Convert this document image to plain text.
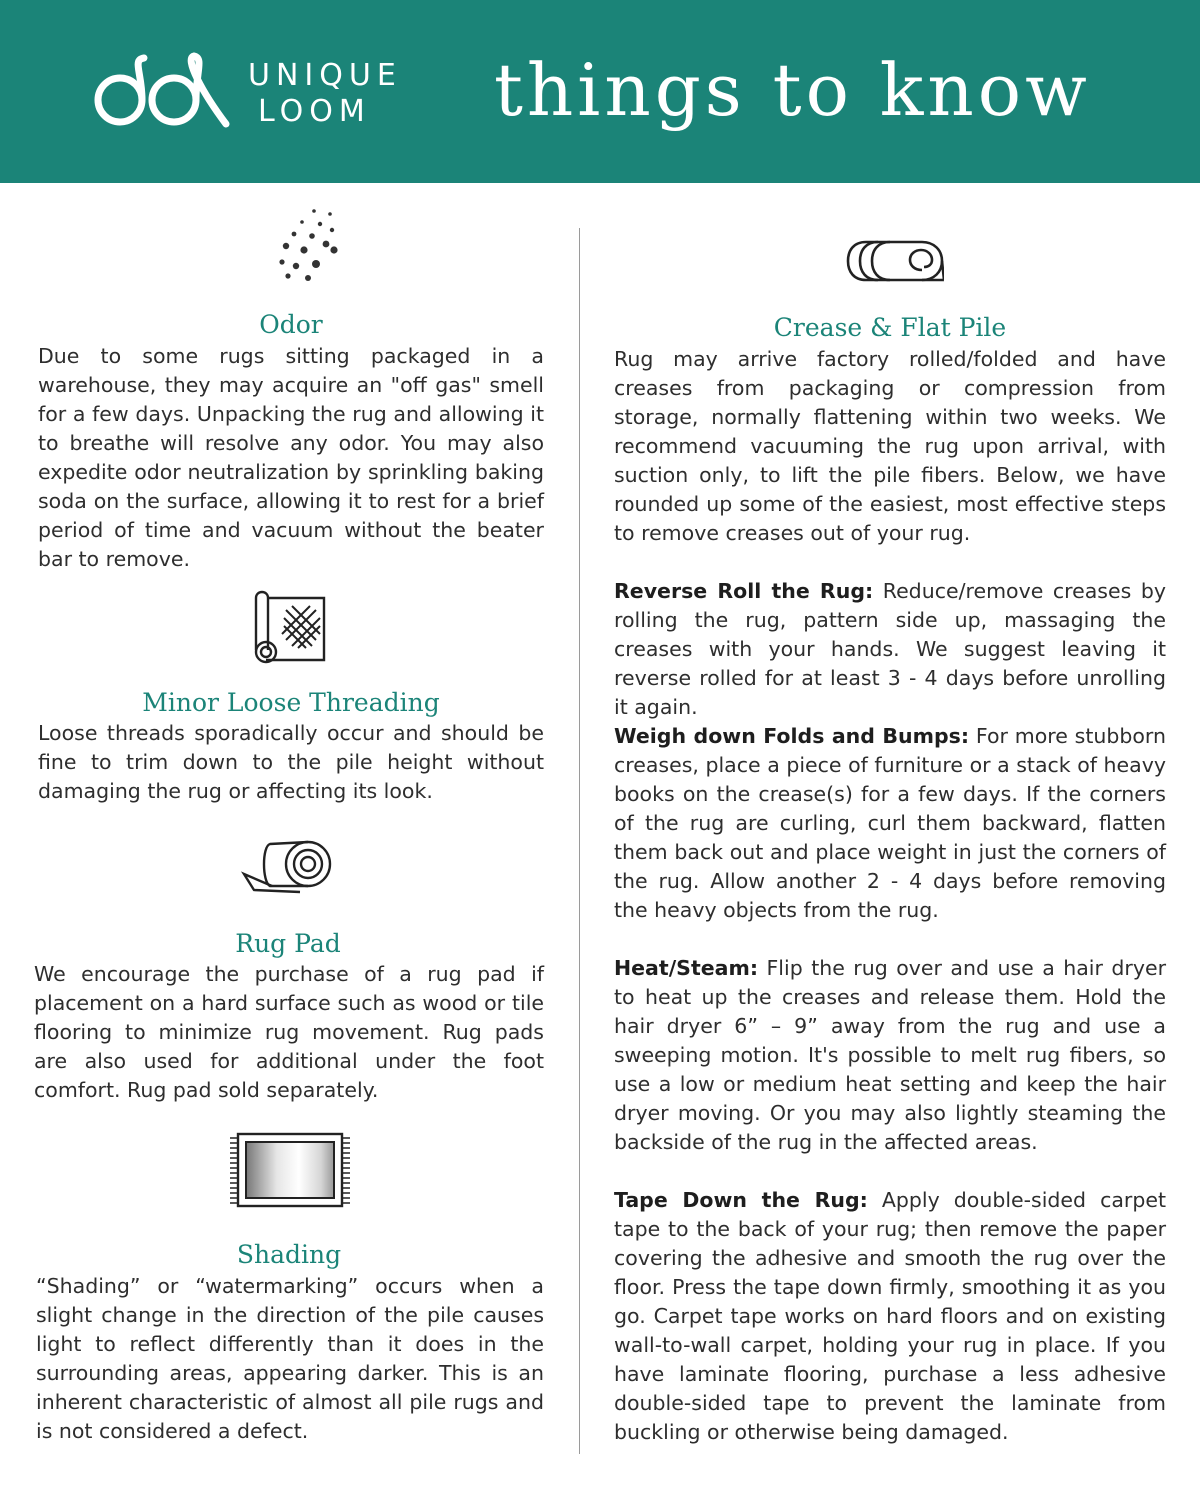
UNIQUE
LOOM	things to know
Odor

Due to some rugs sitting packaged in a warehouse, they may acquire an "off gas" smell for a few days. Unpacking the rug and allowing it to breathe will resolve any odor. You may also expedite odor neutralization by sprinkling baking soda on the surface, allowing it to rest for a brief period of time and vacuum without the beater bar to remove.

Minor Loose Threading

Loose threads sporadically occur and should be fine to trim down to the pile height without damaging the rug or affecting its look.

Rug Pad

We encourage the purchase of a rug pad if placement on a hard surface such as wood or tile flooring to minimize rug movement. Rug pads are also used for additional under the foot comfort. Rug pad sold separately.

Shading

“Shading” or “watermarking” occurs when a slight change in the direction of the pile causes light to reflect differently than it does in the surrounding areas, appearing darker. This is an inherent characteristic of almost all pile rugs and is not considered a defect.

Crease & Flat Pile

Rug may arrive factory rolled/folded and have creases from packaging or compression from storage, normally flattening within two weeks. We recommend vacuuming the rug upon arrival, with suction only, to lift the pile fibers. Below, we have rounded up some of the easiest, most effective steps to remove creases out of your rug.

Reverse Roll the Rug: Reduce/remove creases by rolling the rug, pattern side up, massaging the creases with your hands. We suggest leaving it reverse rolled for at least 3 - 4 days before unrolling it again.

Weigh down Folds and Bumps: For more stubborn creases, place a piece of furniture or a stack of heavy books on the crease(s) for a few days. If the corners of the rug are curling, curl them backward, flatten them back out and place weight in just the corners of the rug. Allow another 2 - 4 days before removing the heavy objects from the rug.

Heat/Steam: Flip the rug over and use a hair dryer to heat up the creases and release them. Hold the hair dryer 6” – 9” away from the rug and use a sweeping motion. It's possible to melt rug fibers, so use a low or medium heat setting and keep the hair dryer moving. Or you may also lightly steaming the backside of the rug in the affected areas.

Tape Down the Rug: Apply double-sided carpet tape to the back of your rug; then remove the paper covering the adhesive and smooth the rug over the floor. Press the tape down firmly, smoothing it as you go. Carpet tape works on hard floors and on existing wall-to-wall carpet, holding your rug in place. If you have laminate flooring, purchase a less adhesive double-sided tape to prevent the laminate from buckling or otherwise being damaged.
